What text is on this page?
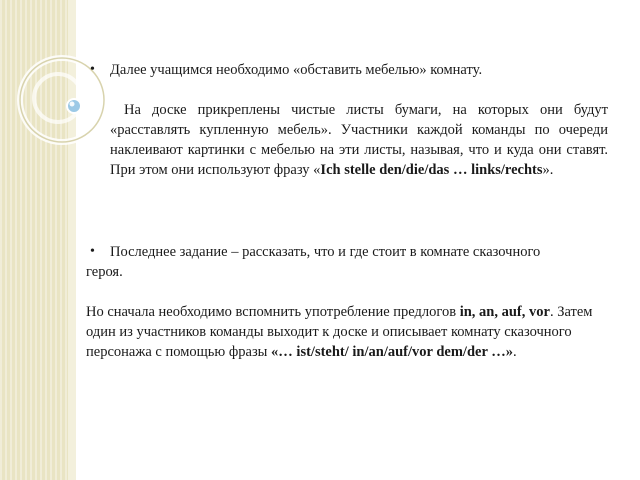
• Далее учащимся необходимо «обставить мебелью» комнату.

На доске прикреплены чистые листы бумаги, на которых они будут «расставлять купленную мебель». Участники каждой команды по очереди наклеивают картинки с мебелью на эти листы, называя, что и куда они ставят. При этом они используют фразу «Ich stelle den/die/das … links/rechts».

• Последнее задание – рассказать, что и где стоит в комнате сказочного

героя.

Но сначала необходимо вспомнить употребление предлогов in, an, auf, vor. Затем один из участников команды выходит к доске и описывает комнату сказочного персонажа с помощью фразы «… ist/steht/ in/an/auf/vor dem/der …».
